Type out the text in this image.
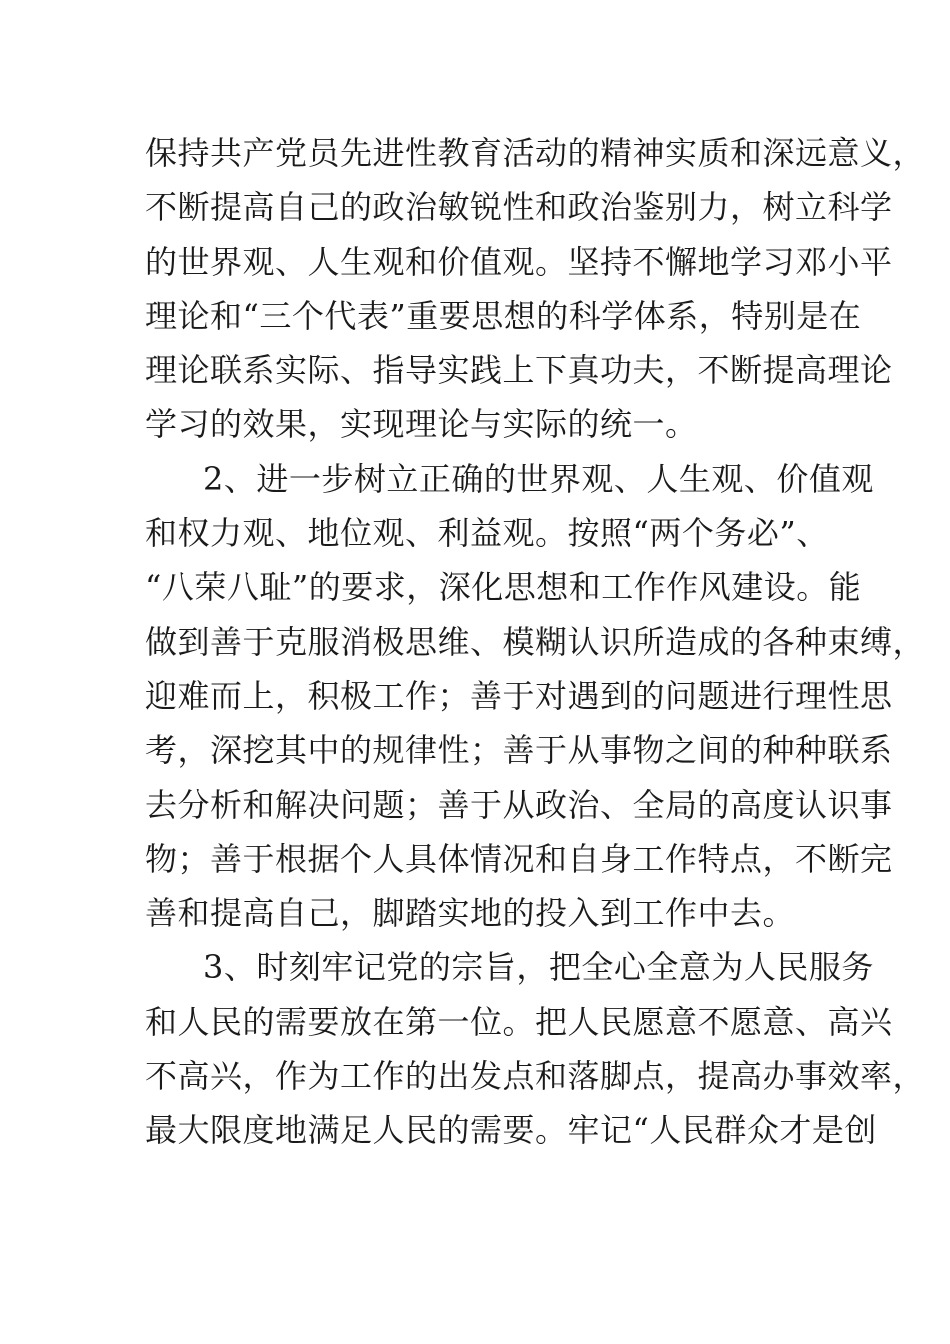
保持共产党员先进性教育活动的精神实质和深远意义，
不断提高自己的政治敏锐性和政治鉴别力，树立科学
的世界观、人生观和价值观。坚持不懈地学习邓小平
理论和“三个代表”重要思想的科学体系，特别是在
理论联系实际、指导实践上下真功夫，不断提高理论
学习的效果，实现理论与实际的统一。
2、进一步树立正确的世界观、人生观、价值观
和权力观、地位观、利益观。按照“两个务必”、
“八荣八耻”的要求，深化思想和工作作风建设。能
做到善于克服消极思维、模糊认识所造成的各种束缚，
迎难而上，积极工作；善于对遇到的问题进行理性思
考，深挖其中的规律性；善于从事物之间的种种联系
去分析和解决问题；善于从政治、全局的高度认识事
物；善于根据个人具体情况和自身工作特点，不断完
善和提高自己，脚踏实地的投入到工作中去。
3、时刻牢记党的宗旨，把全心全意为人民服务
和人民的需要放在第一位。把人民愿意不愿意、高兴
不高兴，作为工作的出发点和落脚点，提高办事效率，
最大限度地满足人民的需要。牢记“人民群众才是创
